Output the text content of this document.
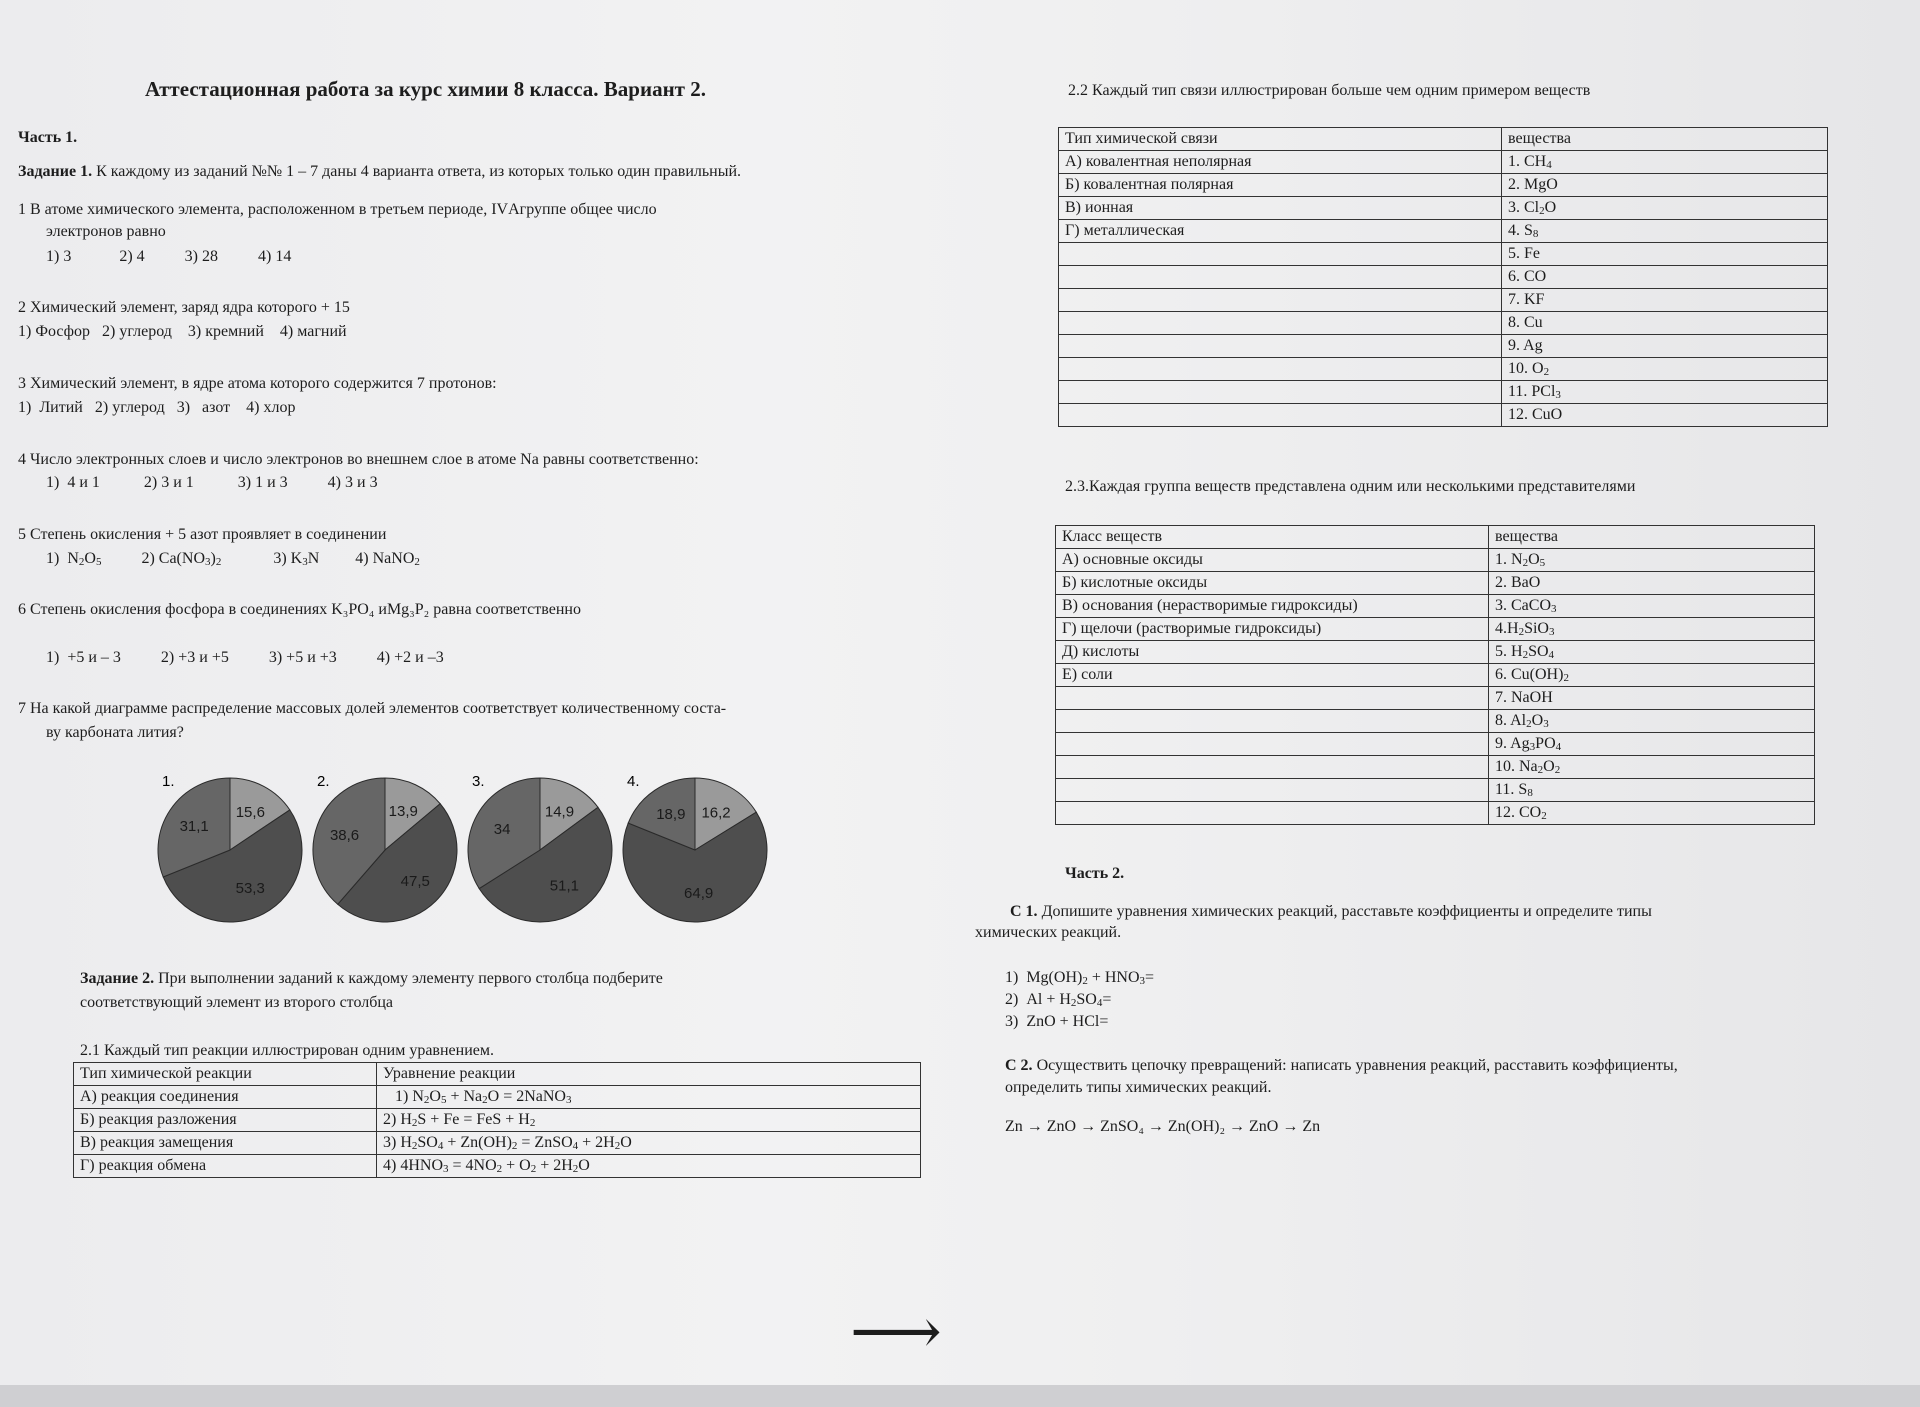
Аттестационная работа за курс химии 8 класса. Вариант 2.
Часть 1.
Задание 1. К каждому из заданий №№ 1 – 7 даны 4 варианта ответа, из которых только один правильный.
1 В атоме химического элемента, расположенном в третьем периоде, IVАгруппе общее число
электронов равно
1) 3            2) 4          3) 28          4) 14
2 Химический элемент, заряд ядра которого + 15
1) Фосфор   2) углерод    3) кремний    4) магний
3 Химический элемент, в ядре атома которого содержится 7 протонов:
1)  Литий   2) углерод   3)   азот    4) хлор
4 Число электронных слоев и число электронов во внешнем слое в атоме Na равны соответственно:
1)  4 и 1           2) 3 и 1           3) 1 и 3          4) 3 и 3
5 Степень окисления + 5 азот проявляет в соединении
1)  $N_2O_5$          2) $Ca(NO_3)_2$             3) $K_3N$         4) NaNO$_2$
6 Степень окисления фосфора в соединениях K₃PO₄ иMg₃P₂ равна соответственно
1)  +5 и – 3          2) +3 и +5          3) +5 и +3          4) +2 и –3
7 На какой диаграмме распределение массовых долей элементов соответствует количественному соста-
ву карбоната лития?
15,6
53,3
31,1
1.
13,9
47,5
38,6
2.
14,9
51,1
34
3.
16,2
64,9
18,9
4.
Задание 2. При выполнении заданий к каждому элементу первого столбца подберите
соответствующий элемент из второго столбца
2.1 Каждый тип реакции иллюстрирован одним уравнением.
Тип химической реакции	Уравнение реакции
А) реакция соединения	1) $N_2O_5 + Na_2O$ = 2NaNO$_3$
Б) реакция разложения	2) $H_2S + Fe$ = FeS + $H_2$
В) реакция замещения	3) $H_2SO_4 + Zn(OH)_2$ = ZnSO$_4$ + $2H_2O$
Г) реакция обмена	4) $4HNO_3 = 4NO_2 + O_2 + 2H_2O$
⟶
2.2 Каждый тип связи иллюстрирован больше чем одним примером веществ
Тип химической связи	вещества
А) ковалентная неполярная	1. $CH_4$
Б) ковалентная полярная	2. MgO
В) ионная	3. $Cl_2O$
Г) металлическая	4. $S_8$
	5. Fe
	6. CO
	7. KF
	8. Cu
	9. Ag
	10. $O_2$
	11. PCl$_3$
	12. CuO
2.3.Каждая группа веществ представлена одним или несколькими представителями
Класс веществ	вещества
А) основные оксиды	1. $N_2O_5$
Б) кислотные оксиды	2. BaO
В) основания (нерастворимые гидроксиды)	3. CaCO$_3$
Г) щелочи (растворимые гидроксиды)	$4.H_2SiO_3$
Д) кислоты	5. $H_2SO_4$
Е) соли	6. $Cu(OH)_2$
	7. NaOH
	8. $Al_2O_3$
	9. $Ag_3PO_4$
	10. $Na_2O_2$
	11. $S_8$
	12. $CO_2$
Часть 2.
С 1. Допишите уравнения химических реакций, расставьте коэффициенты и определите типы
химических реакций.
1)  $Mg(OH)_2 + HNO_3=$
2)  $Al + H_2SO_4=$
3)  ZnO + HCl=
С 2. Осуществить цепочку превращений: написать уравнения реакций, расставить коэффициенты,
определить типы химических реакций.
Zn → ZnO → ZnSO₄ → Zn(OH)₂ → ZnO → Zn
